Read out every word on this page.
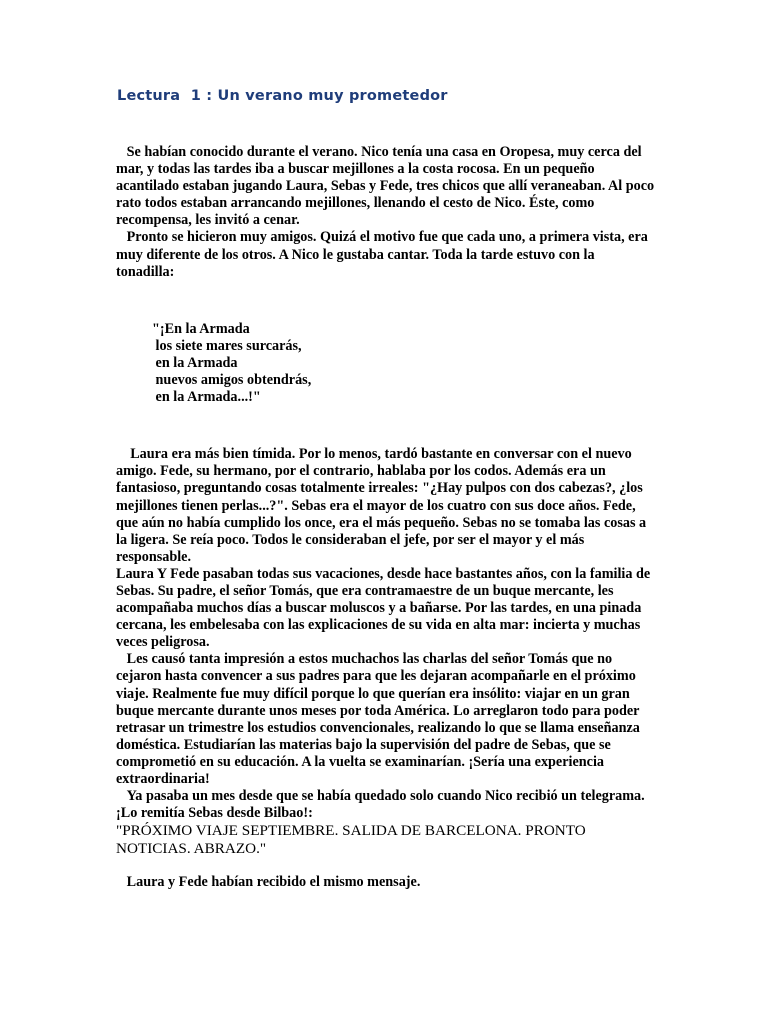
Lectura  1 : Un verano muy prometedor

Se habían conocido durante el verano. Nico tenía una casa en Oropesa, muy cerca del mar, y todas las tardes iba a buscar mejillones a la costa rocosa. En un pequeño acantilado estaban jugando Laura, Sebas y Fede, tres chicos que allí veraneaban. Al poco rato todos estaban arrancando mejillones, llenando el cesto de Nico. Éste, como recompensa, les invitó a cenar.

Pronto se hicieron muy amigos. Quizá el motivo fue que cada uno, a primera vista, era muy diferente de los otros. A Nico le gustaba cantar. Toda la tarde estuvo con la tonadilla:

"¡En la Armada
los siete mares surcarás,
en la Armada
nuevos amigos obtendrás,
en la Armada...!"

Laura era más bien tímida. Por lo menos, tardó bastante en conversar con el nuevo amigo. Fede, su hermano, por el contrario, hablaba por los codos. Además era un fantasioso, preguntando cosas totalmente irreales: "¿Hay pulpos con dos cabezas?, ¿los mejillones tienen perlas...?". Sebas era el mayor de los cuatro con sus doce años. Fede, que aún no había cumplido los once, era el más pequeño. Sebas no se tomaba las cosas a la ligera. Se reía poco. Todos le consideraban el jefe, por ser el mayor y el más responsable.

Laura Y Fede pasaban todas sus vacaciones, desde hace bastantes años, con la familia de Sebas. Su padre, el señor Tomás, que era contramaestre de un buque mercante, les acompañaba muchos días a buscar moluscos y a bañarse. Por las tardes, en una pinada cercana, les embelesaba con las explicaciones de su vida en alta mar: incierta y muchas veces peligrosa.

Les causó tanta impresión a estos muchachos las charlas del señor Tomás que no cejaron hasta convencer a sus padres para que les dejaran acompañarle en el próximo viaje. Realmente fue muy difícil porque lo que querían era insólito: viajar en un gran buque mercante durante unos meses por toda América. Lo arreglaron todo para poder retrasar un trimestre los estudios convencionales, realizando lo que se llama enseñanza doméstica. Estudiarían las materias bajo la supervisión del padre de Sebas, que se comprometió en su educación. A la vuelta se examinarían. ¡Sería una experiencia extraordinaria!

Ya pasaba un mes desde que se había quedado solo cuando Nico recibió un telegrama. ¡Lo remitía Sebas desde Bilbao!:

"PRÓXIMO VIAJE SEPTIEMBRE. SALIDA DE BARCELONA. PRONTO NOTICIAS. ABRAZO."

Laura y Fede habían recibido el mismo mensaje.
